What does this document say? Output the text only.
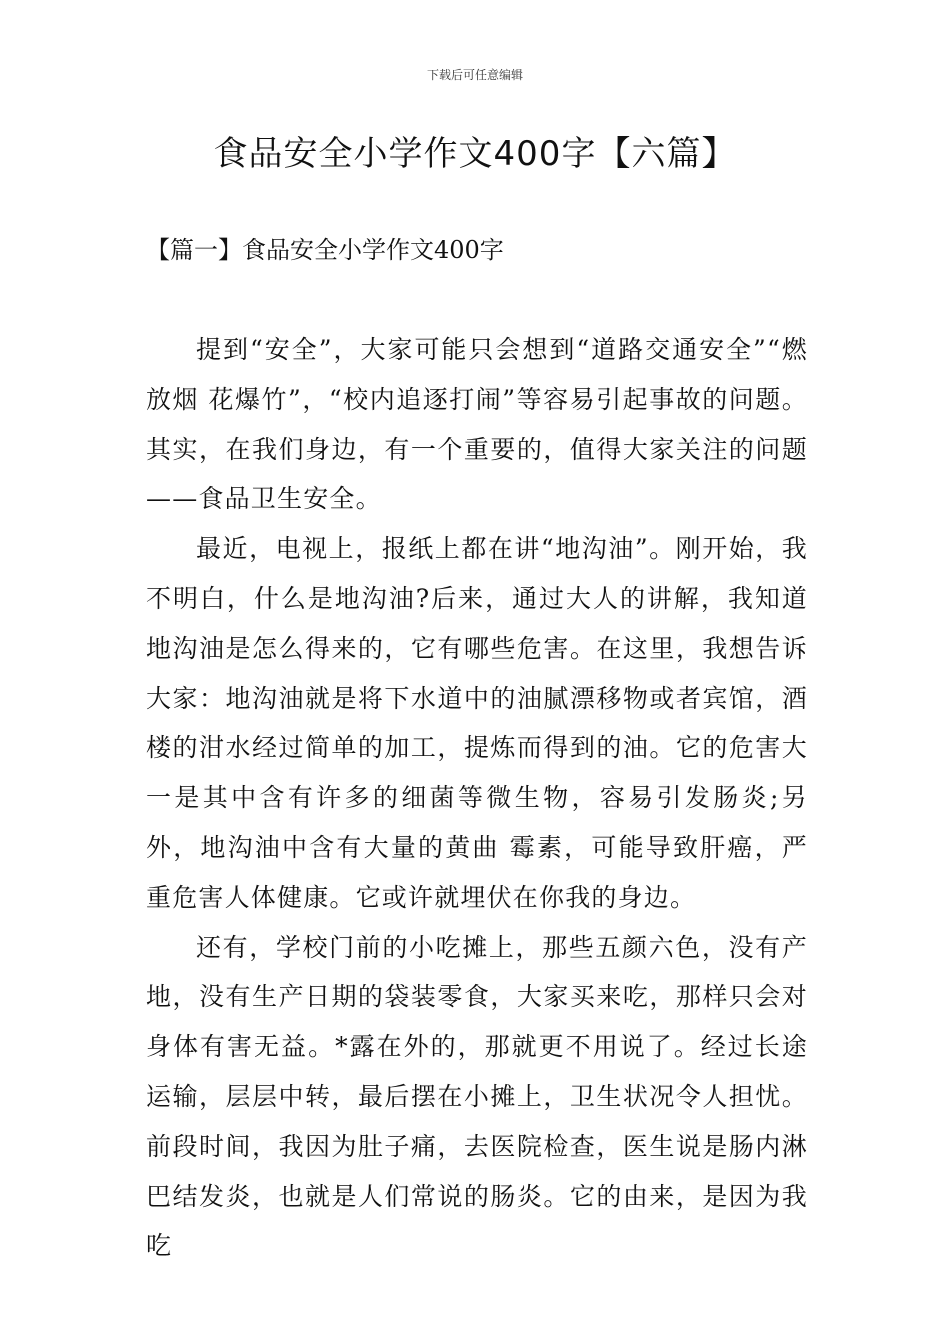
下载后可任意编辑
食品安全小学作文400字【六篇】
【篇一】食品安全小学作文400字

提到“安全”，大家可能只会想到“道路交通安全”“燃放烟 花爆竹”，“校内追逐打闹”等容易引起事故的问题。其实，在我们身边，有一个重要的，值得大家关注的问题——食品卫生安全。

最近，电视上，报纸上都在讲“地沟油”。刚开始，我不明白，什么是地沟油?后来，通过大人的讲解，我知道地沟油是怎么得来的，它有哪些危害。在这里，我想告诉大家：地沟油就是将下水道中的油腻漂移物或者宾馆，酒楼的泔水经过简单的加工，提炼而得到的油。它的危害大一是其中含有许多的细菌等微生物，容易引发肠炎;另外，地沟油中含有大量的黄曲 霉素，可能导致肝癌，严重危害人体健康。它或许就埋伏在你我的身边。

还有，学校门前的小吃摊上，那些五颜六色，没有产地，没有生产日期的袋装零食，大家买来吃，那样只会对身体有害无益。*露在外的，那就更不用说了。经过长途运输，层层中转，最后摆在小摊上，卫生状况令人担忧。前段时间，我因为肚子痛，去医院检查，医生说是肠内淋巴结发炎，也就是人们常说的肠炎。它的由来，是因为我吃
